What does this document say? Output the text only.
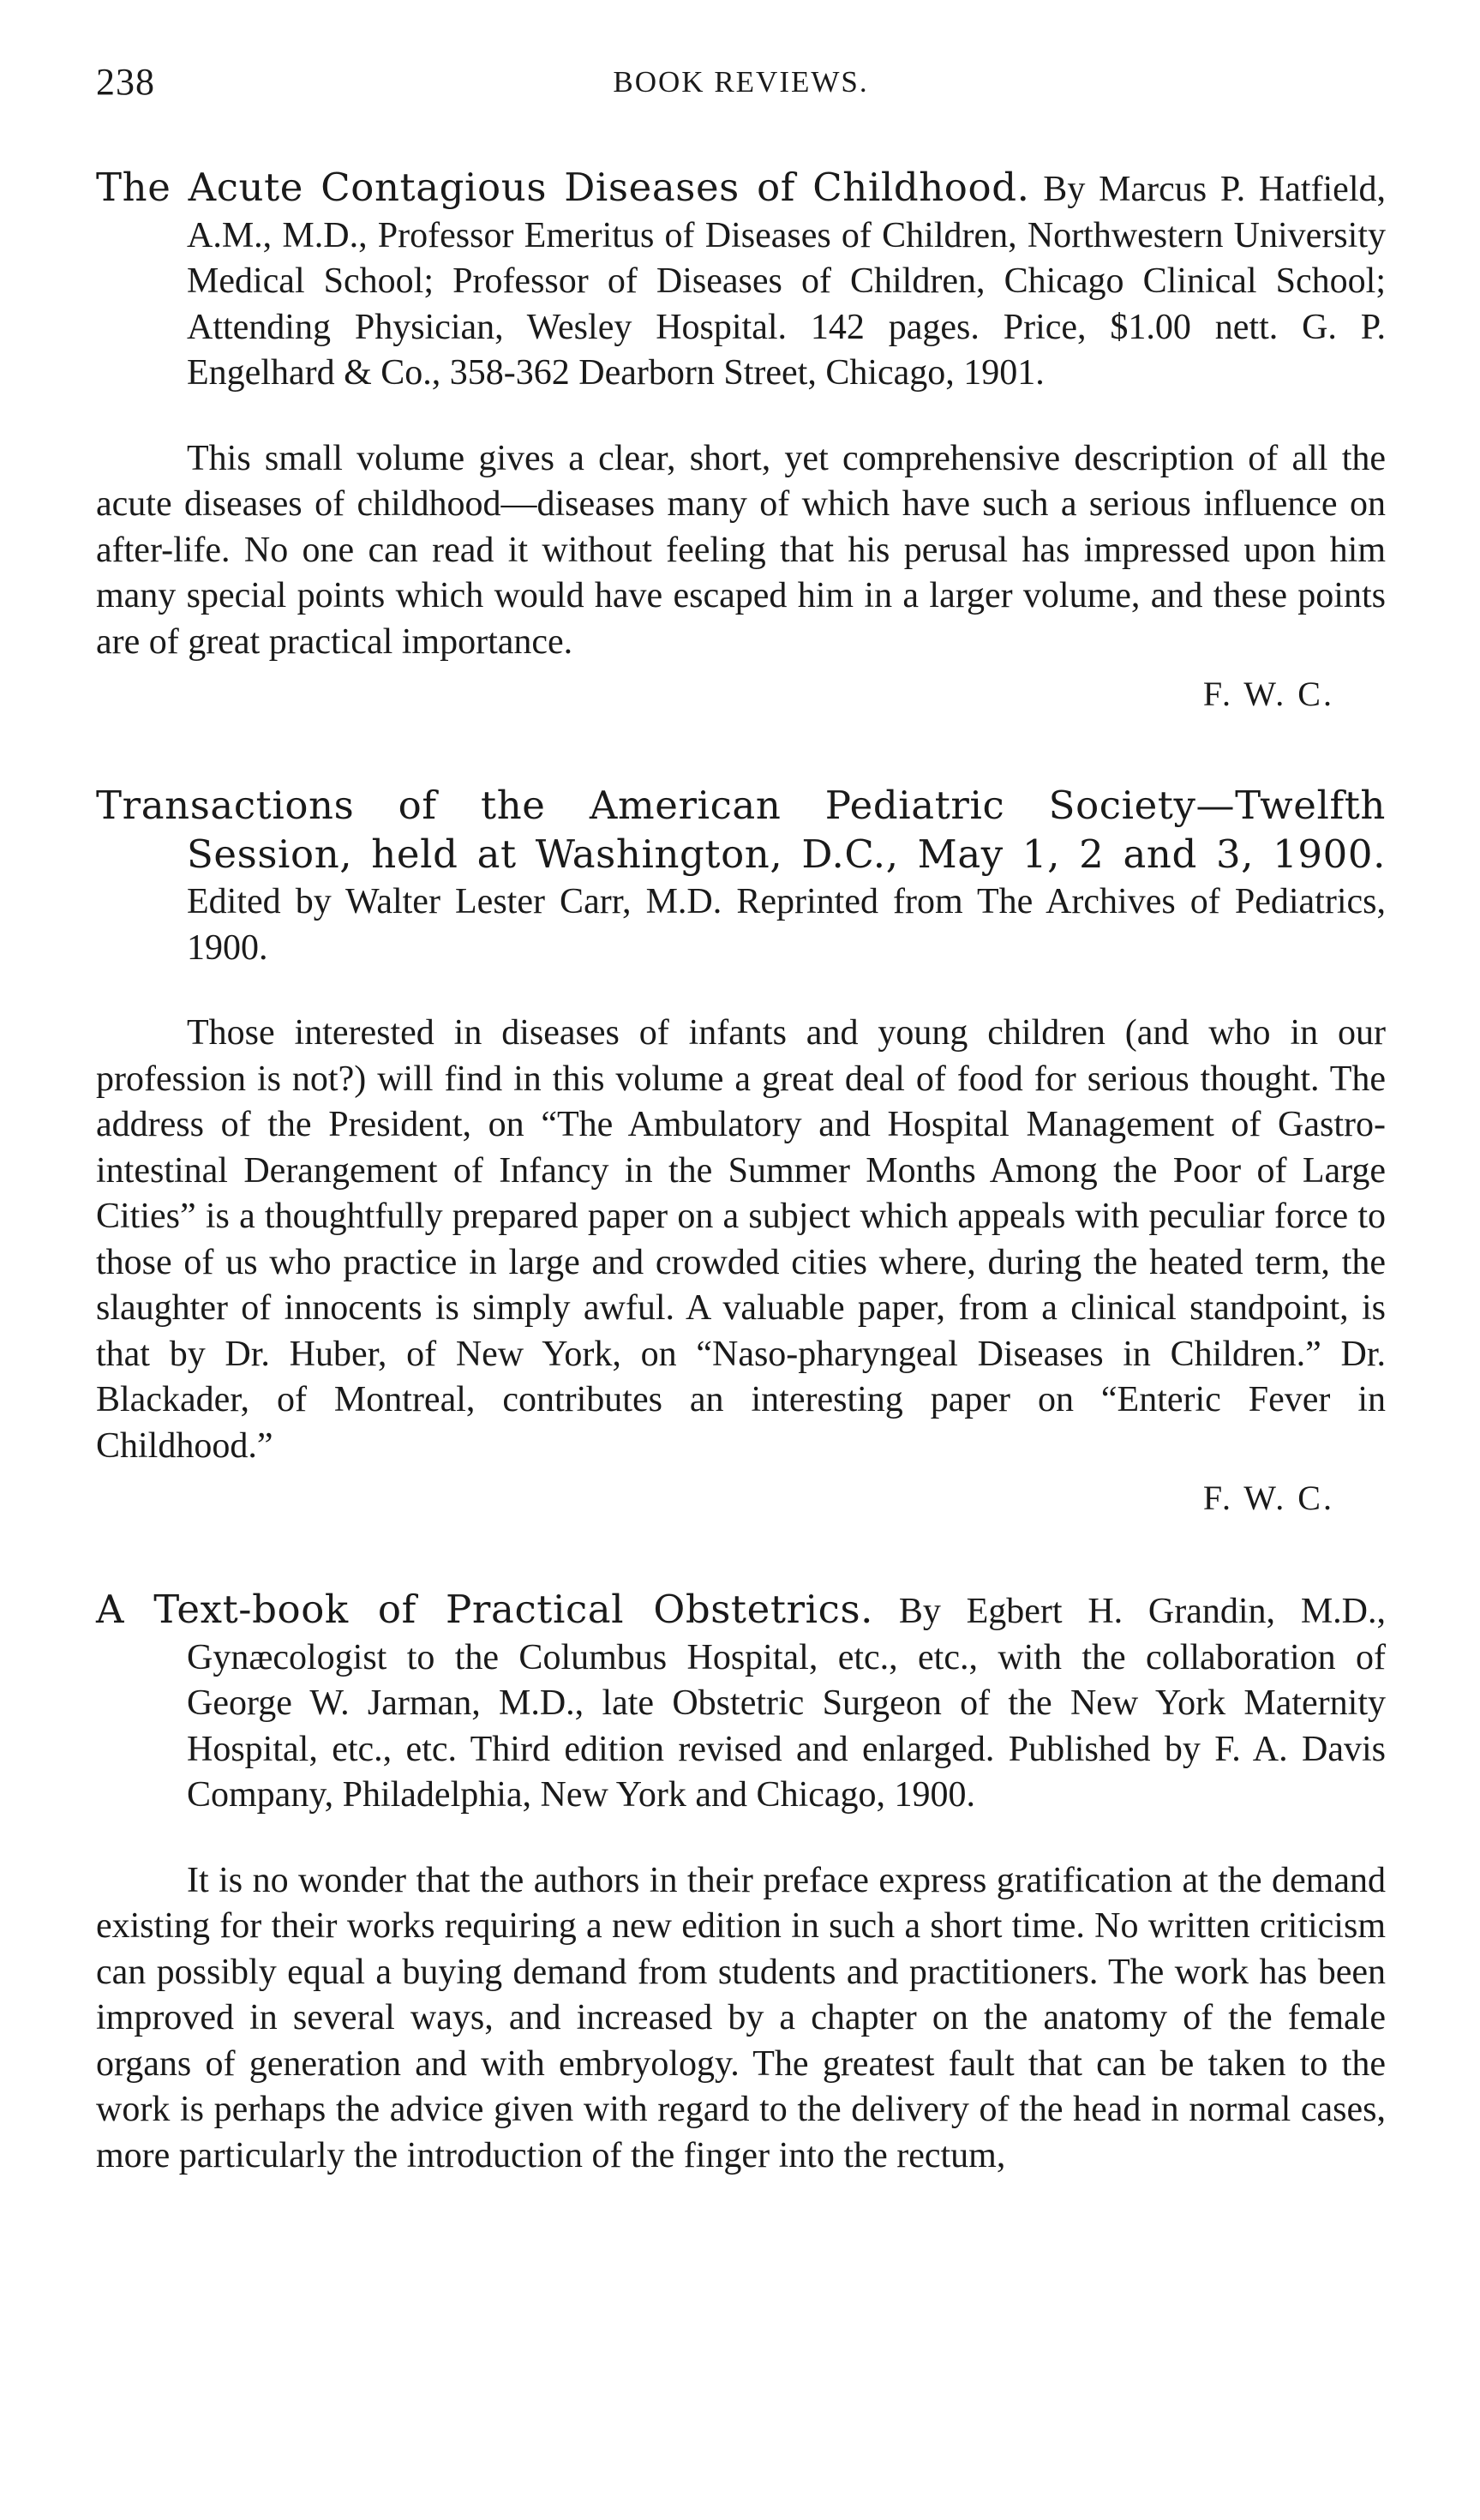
238	BOOK REVIEWS.

The Acute Contagious Diseases of Childhood. By Marcus P. Hatfield, A.M., M.D., Professor Emeritus of Diseases of Children, Northwestern University Medical School; Professor of Diseases of Children, Chicago Clinical School; Attending Physician, Wesley Hospital. 142 pages. Price, $1.00 nett. G. P. Engelhard & Co., 358-362 Dearborn Street, Chicago, 1901.

This small volume gives a clear, short, yet comprehensive description of all the acute diseases of childhood—diseases many of which have such a serious influence on after-life. No one can read it without feeling that his perusal has impressed upon him many special points which would have escaped him in a larger volume, and these points are of great practical importance.

F. W. C.

Transactions of the American Pediatric Society—Twelfth Session, held at Washington, D.C., May 1, 2 and 3, 1900. Edited by Walter Lester Carr, M.D. Reprinted from The Archives of Pediatrics, 1900.

Those interested in diseases of infants and young children (and who in our profession is not?) will find in this volume a great deal of food for serious thought. The address of the President, on “The Ambulatory and Hospital Management of Gastro-intestinal Derangement of Infancy in the Summer Months Among the Poor of Large Cities” is a thoughtfully prepared paper on a subject which appeals with peculiar force to those of us who practice in large and crowded cities where, during the heated term, the slaughter of innocents is simply awful. A valuable paper, from a clinical standpoint, is that by Dr. Huber, of New York, on “Naso-pharyngeal Diseases in Children.” Dr. Blackader, of Montreal, contributes an interesting paper on “Enteric Fever in Childhood.”

F. W. C.

A Text-book of Practical Obstetrics. By Egbert H. Grandin, M.D., Gynæcologist to the Columbus Hospital, etc., etc., with the collaboration of George W. Jarman, M.D., late Obstetric Surgeon of the New York Maternity Hospital, etc., etc. Third edition revised and enlarged. Published by F. A. Davis Company, Philadelphia, New York and Chicago, 1900.

It is no wonder that the authors in their preface express gratification at the demand existing for their works requiring a new edition in such a short time. No written criticism can possibly equal a buying demand from students and practitioners. The work has been improved in several ways, and increased by a chapter on the anatomy of the female organs of generation and with embryology. The greatest fault that can be taken to the work is perhaps the advice given with regard to the delivery of the head in normal cases, more particularly the introduction of the finger into the rectum,
